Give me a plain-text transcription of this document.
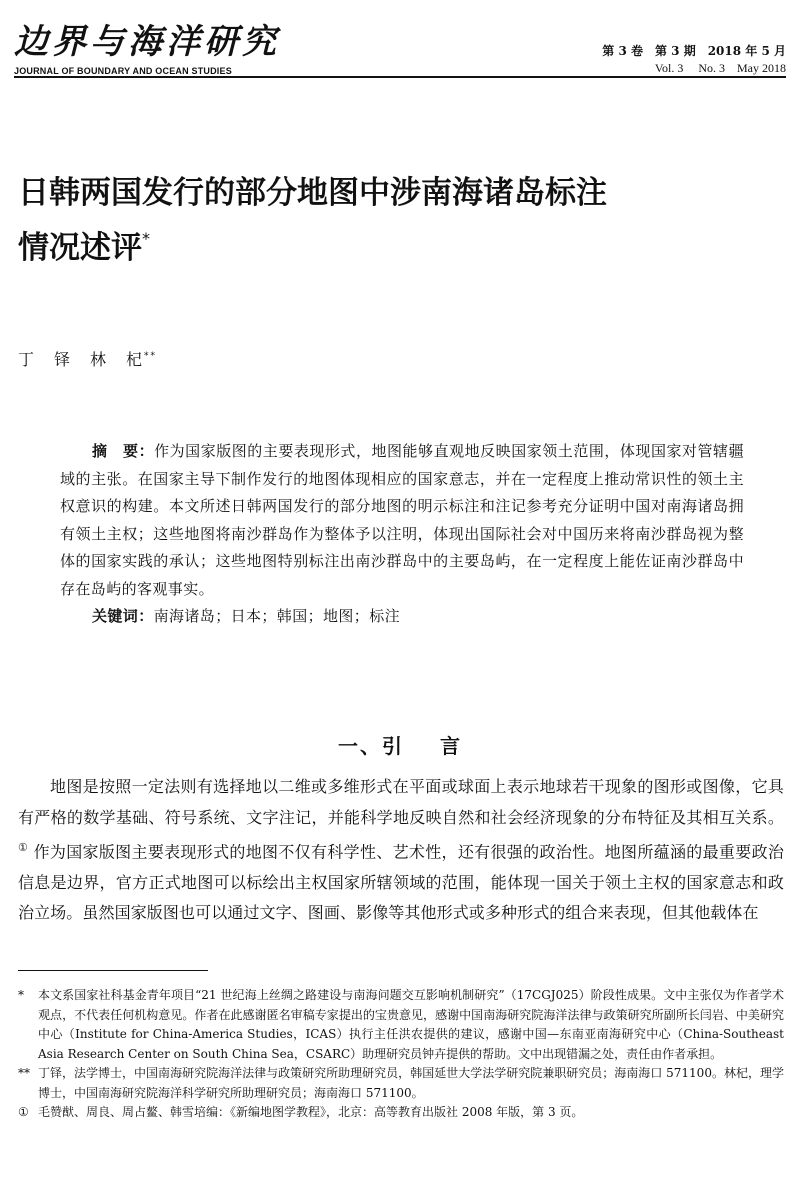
边界与海洋研究
JOURNAL OF BOUNDARY AND OCEAN STUDIES
第 3 卷　第 3 期　2018 年 5 月
Vol. 3　 No. 3　May 2018
日韩两国发行的部分地图中涉南海诸岛标注
情况述评*
丁　铎　林　杞**

摘　要：作为国家版图的主要表现形式，地图能够直观地反映国家领土范围，体现国家对管辖疆域的主张。在国家主导下制作发行的地图体现相应的国家意志，并在一定程度上推动常识性的领土主权意识的构建。本文所述日韩两国发行的部分地图的明示标注和注记参考充分证明中国对南海诸岛拥有领土主权；这些地图将南沙群岛作为整体予以注明，体现出国际社会对中国历来将南沙群岛视为整体的国家实践的承认；这些地图特别标注出南沙群岛中的主要岛屿，在一定程度上能佐证南沙群岛中存在岛屿的客观事实。

关键词：南海诸岛；日本；韩国；地图；标注

一、引 言

地图是按照一定法则有选择地以二维或多维形式在平面或球面上表示地球若干现象的图形或图像，它具有严格的数学基础、符号系统、文字注记，并能科学地反映自然和社会经济现象的分布特征及其相互关系。① 作为国家版图主要表现形式的地图不仅有科学性、艺术性，还有很强的政治性。地图所蕴涵的最重要政治信息是边界，官方正式地图可以标绘出主权国家所辖领域的范围，能体现一国关于领土主权的国家意志和政治立场。虽然国家版图也可以通过文字、图画、影像等其他形式或多种形式的组合来表现，但其他载体在

* 本文系国家社科基金青年项目“21 世纪海上丝绸之路建设与南海问题交互影响机制研究”（17CGJ025）阶段性成果。文中主张仅为作者学术观点，不代表任何机构意见。作者在此感谢匿名审稿专家提出的宝贵意见，感谢中国南海研究院海洋法律与政策研究所副所长闫岩、中美研究中心（Institute for China-America Studies，ICAS）执行主任洪农提供的建议，感谢中国—东南亚南海研究中心（China-Southeast Asia Research Center on South China Sea，CSARC）助理研究员钟卉提供的帮助。文中出现错漏之处，责任由作者承担。
** 丁铎，法学博士，中国南海研究院海洋法律与政策研究所助理研究员，韩国延世大学法学研究院兼职研究员；海南海口 571100。林杞，理学博士，中国南海研究院海洋科学研究所助理研究员；海南海口 571100。
① 毛赞猷、周良、周占鳌、韩雪培编：《新编地图学教程》，北京：高等教育出版社 2008 年版，第 3 页。
